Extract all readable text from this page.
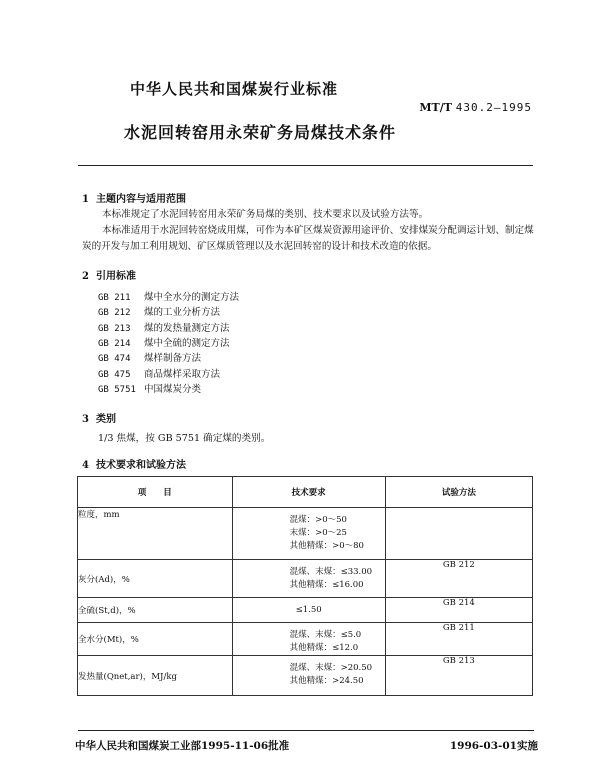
中华人民共和国煤炭行业标准
MT/T 430.2—1995
水泥回转窑用永荣矿务局煤技术条件
1 主题内容与适用范围

本标准规定了水泥回转窑用永荣矿务局煤的类别、技术要求以及试验方法等。

本标准适用于水泥回转窑烧成用煤，可作为本矿区煤炭资源用途评价、安排煤炭分配调运计划、制定煤炭的开发与加工利用规划、矿区煤质管理以及水泥回转窑的设计和技术改造的依据。

2 引用标准
GB 211 煤中全水分的测定方法
GB 212 煤的工业分析方法
GB 213 煤的发热量测定方法
GB 214 煤中全硫的测定方法
GB 474 煤样制备方法
GB 475 商品煤样采取方法
GB 5751 中国煤炭分类
3 类别
1/3 焦煤，按 GB 5751 确定煤的类别。
4 技术要求和试验方法
项　　目	技术要求	试验方法
粒度，mm	混煤：>0～50
末煤：>0～25
其他精煤：>0～80	

灰分(Ad)，%	混煤、末煤：≤33.00
其他精煤：≤16.00	GB 212
全硫(St,d)，%	≤1.50	GB 214
全水分(Mt)，%	混煤、末煤：≤5.0
其他精煤：≤12.0	GB 211
发热量(Qnet,ar)，MJ/kg	混煤、末煤：>20.50
其他精煤：>24.50	GB 213
中华人民共和国煤炭工业部1995-11-06批准	1996-03-01实施
